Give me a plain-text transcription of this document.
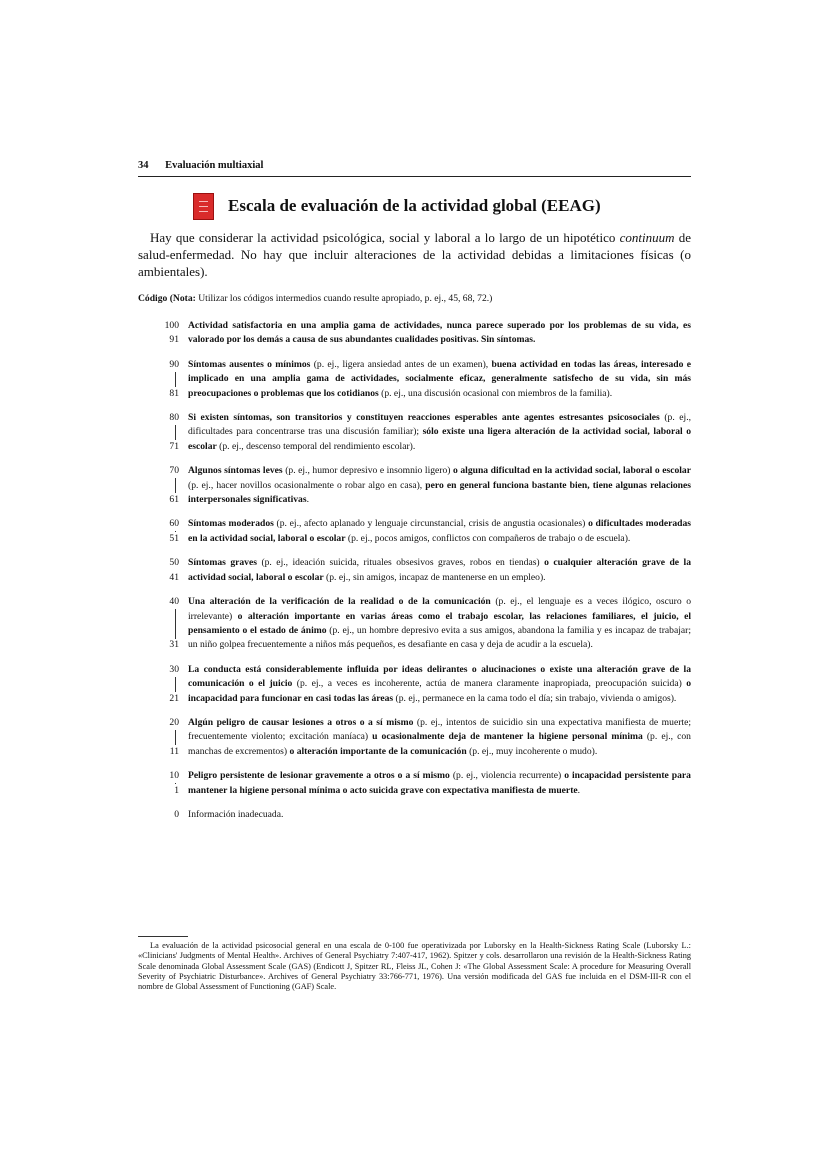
34 Evaluación multiaxial
Escala de evaluación de la actividad global (EEAG)

Hay que considerar la actividad psicológica, social y laboral a lo largo de un hipotético continuum de salud-enfermedad. No hay que incluir alteraciones de la actividad debidas a limitaciones físicas (o ambientales).

Código (Nota: Utilizar los códigos intermedios cuando resulte apropiado, p. ej., 45, 68, 72.)
100
91
Actividad satisfactoria en una amplia gama de actividades, nunca parece superado por los problemas de su vida, es valorado por los demás a causa de sus abundantes cualidades positivas. Sin síntomas.
90
81
Síntomas ausentes o mínimos (p. ej., ligera ansiedad antes de un examen), buena actividad en todas las áreas, interesado e implicado en una amplia gama de actividades, socialmente eficaz, generalmente satisfecho de su vida, sin más preocupaciones o problemas que los cotidianos (p. ej., una discusión ocasional con miembros de la familia).
80
71
Si existen síntomas, son transitorios y constituyen reacciones esperables ante agentes estresantes psicosociales (p. ej., dificultades para concentrarse tras una discusión familiar); sólo existe una ligera alteración de la actividad social, laboral o escolar (p. ej., descenso temporal del rendimiento escolar).
70
61
Algunos síntomas leves (p. ej., humor depresivo e insomnio ligero) o alguna dificultad en la actividad social, laboral o escolar (p. ej., hacer novillos ocasionalmente o robar algo en casa), pero en general funciona bastante bien, tiene algunas relaciones interpersonales significativas.
60
51
Síntomas moderados (p. ej., afecto aplanado y lenguaje circunstancial, crisis de angustia ocasionales) o dificultades moderadas en la actividad social, laboral o escolar (p. ej., pocos amigos, conflictos con compañeros de trabajo o de escuela).
50
41
Síntomas graves (p. ej., ideación suicida, rituales obsesivos graves, robos en tiendas) o cualquier alteración grave de la actividad social, laboral o escolar (p. ej., sin amigos, incapaz de mantenerse en un empleo).
40
31
Una alteración de la verificación de la realidad o de la comunicación (p. ej., el lenguaje es a veces ilógico, oscuro o irrelevante) o alteración importante en varias áreas como el trabajo escolar, las relaciones familiares, el juicio, el pensamiento o el estado de ánimo (p. ej., un hombre depresivo evita a sus amigos, abandona la familia y es incapaz de trabajar; un niño golpea frecuentemente a niños más pequeños, es desafiante en casa y deja de acudir a la escuela).
30
21
La conducta está considerablemente influida por ideas delirantes o alucinaciones o existe una alteración grave de la comunicación o el juicio (p. ej., a veces es incoherente, actúa de manera claramente inapropiada, preocupación suicida) o incapacidad para funcionar en casi todas las áreas (p. ej., permanece en la cama todo el día; sin trabajo, vivienda o amigos).
20
11
Algún peligro de causar lesiones a otros o a sí mismo (p. ej., intentos de suicidio sin una expectativa manifiesta de muerte; frecuentemente violento; excitación maníaca) u ocasionalmente deja de mantener la higiene personal mínima (p. ej., con manchas de excrementos) o alteración importante de la comunicación (p. ej., muy incoherente o mudo).
10
1
Peligro persistente de lesionar gravemente a otros o a sí mismo (p. ej., violencia recurrente) o incapacidad persistente para mantener la higiene personal mínima o acto suicida grave con expectativa manifiesta de muerte.
0 Información inadecuada.

La evaluación de la actividad psicosocial general en una escala de 0-100 fue operativizada por Luborsky en la Health-Sickness Rating Scale (Luborsky L.: «Clinicians' Judgments of Mental Health». Archives of General Psychiatry 7:407-417, 1962). Spitzer y cols. desarrollaron una revisión de la Health-Sickness Rating Scale denominada Global Assessment Scale (GAS) (Endicott J, Spitzer RL, Fleiss JL, Cohen J: «The Global Assessment Scale: A procedure for Measuring Overall Severity of Psychiatric Disturbance». Archives of General Psychiatry 33:766-771, 1976). Una versión modificada del GAS fue incluida en el DSM-III-R con el nombre de Global Assessment of Functioning (GAF) Scale.
